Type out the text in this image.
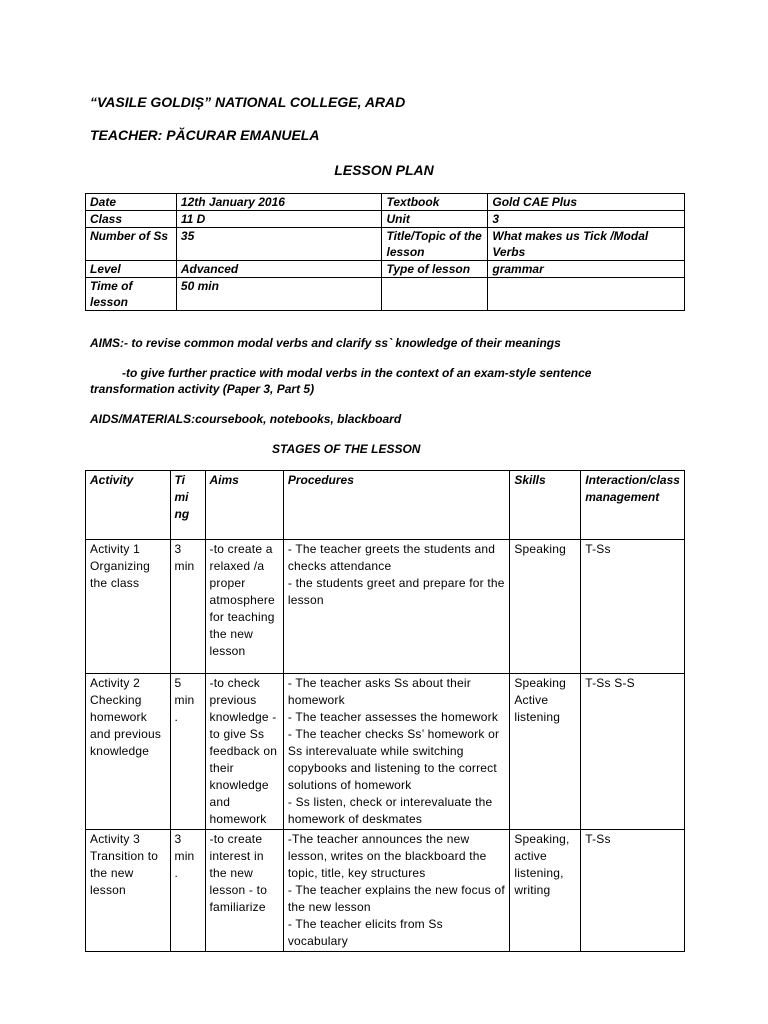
“VASILE GOLDIȘ” NATIONAL COLLEGE, ARAD
TEACHER: PĂCURAR EMANUELA
LESSON PLAN
Date	12th January 2016	Textbook	Gold CAE Plus
Class	11 D	Unit	3
Number of Ss	35	Title/Topic of the lesson	What makes us Tick /Modal Verbs
Level	Advanced	Type of lesson	grammar
Time of lesson	50 min		
AIMS:- to revise common modal verbs and clarify ss` knowledge of their meanings
-to give further practice with modal verbs in the context of an exam-style sentence
transformation activity (Paper 3, Part 5)
AIDS/MATERIALS:coursebook, notebooks, blackboard
STAGES OF THE LESSON
Activity	Ti mi ng	Aims	Procedures	Skills	Interaction/class management
Activity 1 Organizing the class	3 min	-to create a relaxed /a proper atmosphere for teaching the new lesson	- The teacher greets the students and checks attendance
- the students greet and prepare for the lesson	Speaking	T-Ss
Activity 2 Checking homework and previous knowledge	5 min .	-to check previous knowledge -to give Ss feedback on their knowledge and homework	- The teacher asks Ss about their homework
- The teacher assesses the homework
- The teacher checks Ss’ homework or Ss interevaluate while switching copybooks and listening to the correct solutions of homework
- Ss listen, check or interevaluate the homework of deskmates	Speaking Active listening	T-Ss S-S
Activity 3 Transition to the new lesson	3 min .	-to create interest in the new lesson - to familiarize	-The teacher announces the new lesson, writes on the blackboard the topic, title, key structures
- The teacher explains the new focus of the new lesson
- The teacher elicits from Ss vocabulary	Speaking, active listening, writing	T-Ss
